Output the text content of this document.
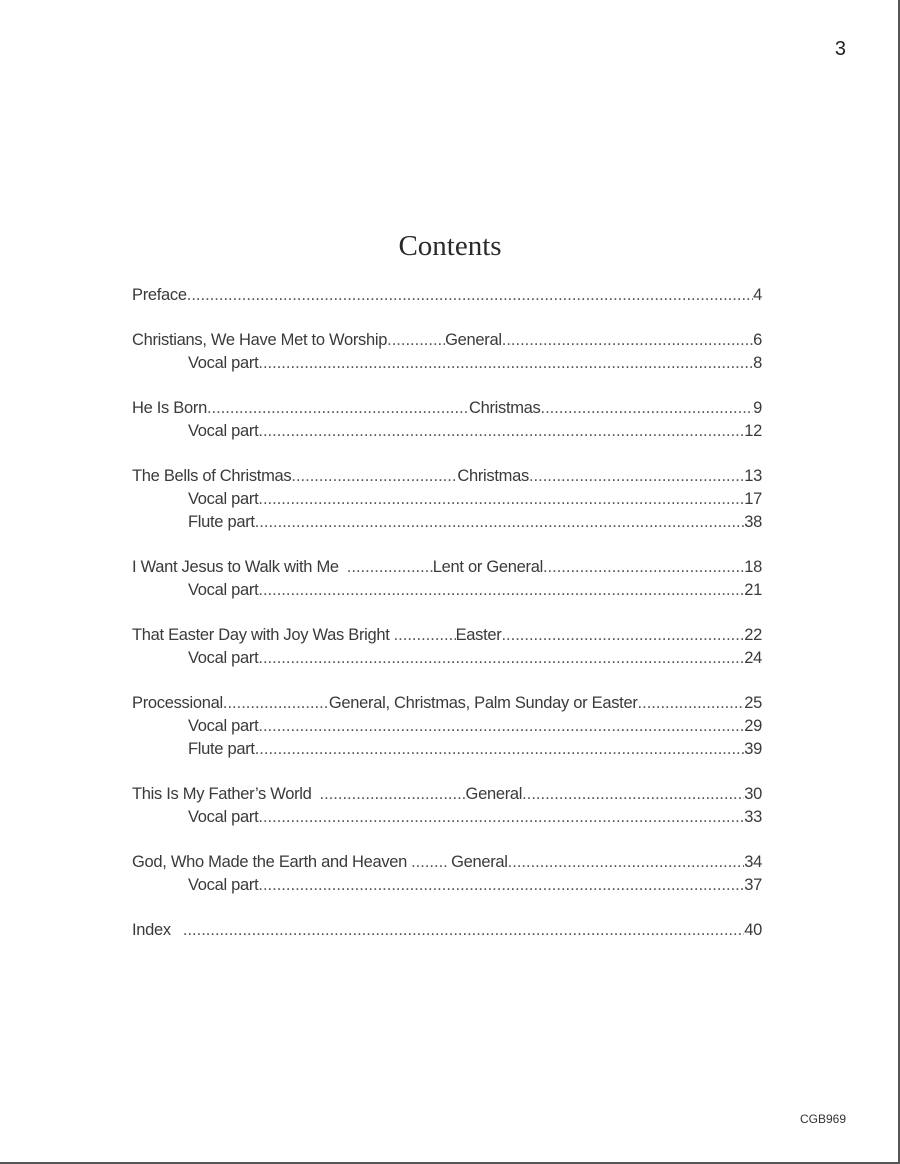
3
Contents
Preface .....	4
Christians, We Have Met to Worship .....	General .....	6
Vocal part .....	8
He Is Born .....	Christmas .....	9
Vocal part .....	12
The Bells of Christmas .....	Christmas .....	13
Vocal part .....	17
Flute part .....	38
I Want Jesus to Walk with Me .....	Lent or General .....	18
Vocal part .....	21
That Easter Day with Joy Was Bright .....	Easter .....	22
Vocal part .....	24
Processional .....	General, Christmas, Palm Sunday or Easter .....	25
Vocal part .....	29
Flute part .....	39
This Is My Father’s World .....	General .....	30
Vocal part .....	33
God, Who Made the Earth and Heaven .....	General .....	34
Vocal part .....	37
Index .....	40
CGB969
